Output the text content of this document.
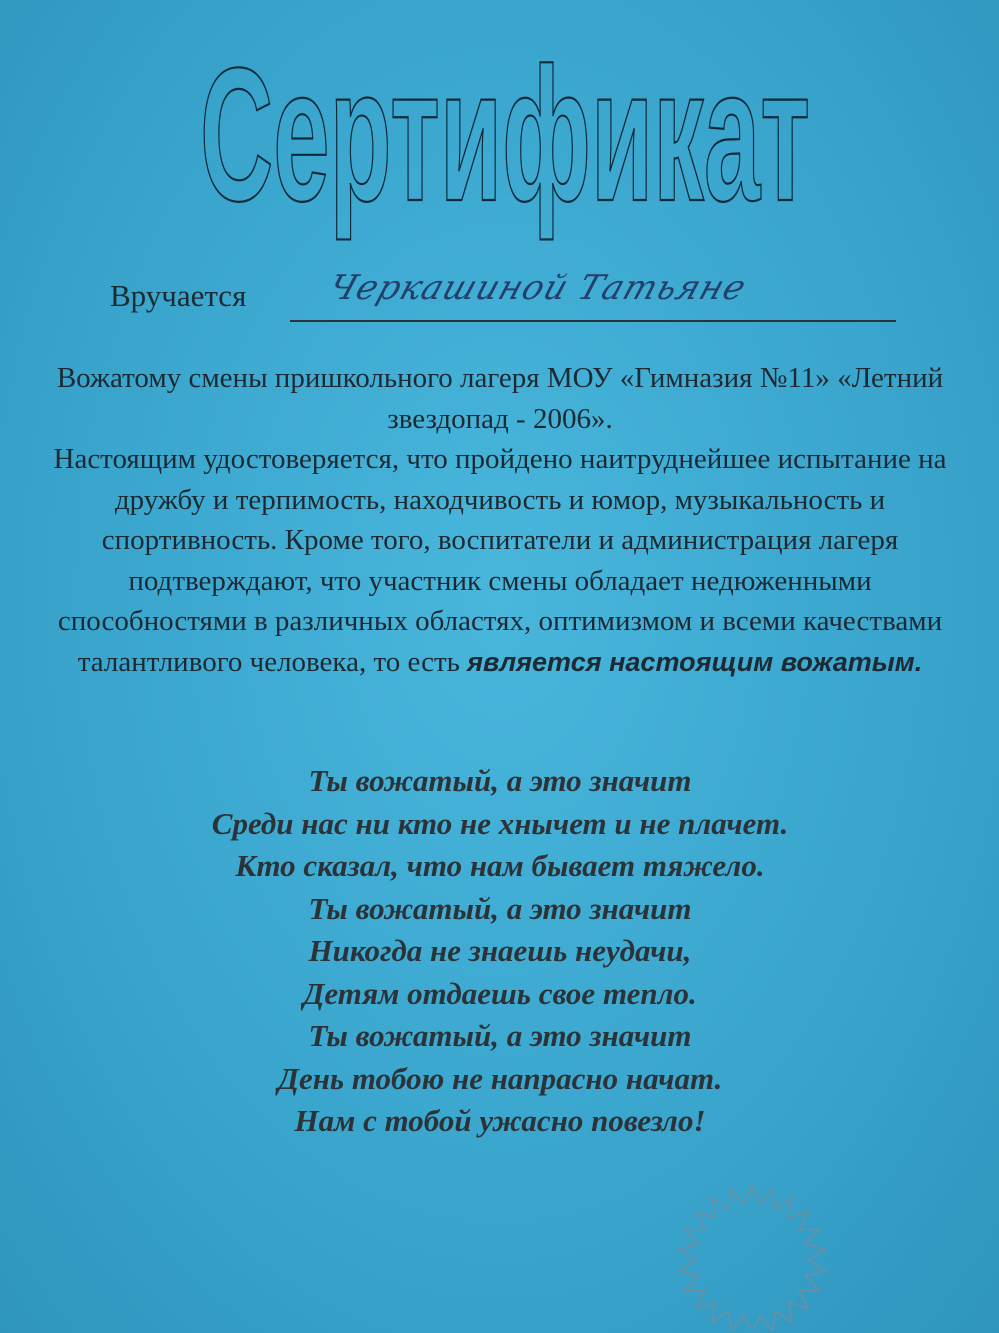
Сертификат
Вручается Черкашиной Татьяне

Вожатому смены пришкольного лагеря МОУ «Гимназия №11» «Летний звездопад - 2006».

Настоящим удостоверяется, что пройдено наитруднейшее испытание на дружбу и терпимость, находчивость и юмор, музыкальность и спортивность. Кроме того, воспитатели и администрация лагеря подтверждают, что участник смены обладает недюженными способностями в различных областях, оптимизмом и всеми качествами талантливого человека, то есть является настоящим вожатым.

Ты вожатый, а это значит
Среди нас ни кто не хнычет и не плачет.
Кто сказал, что нам бывает тяжело.
Ты вожатый, а это значит
Никогда не знаешь неудачи,
Детям отдаешь свое тепло.
Ты вожатый, а это значит
День тобою не напрасно начат.
Нам с тобой ужасно повезло!
